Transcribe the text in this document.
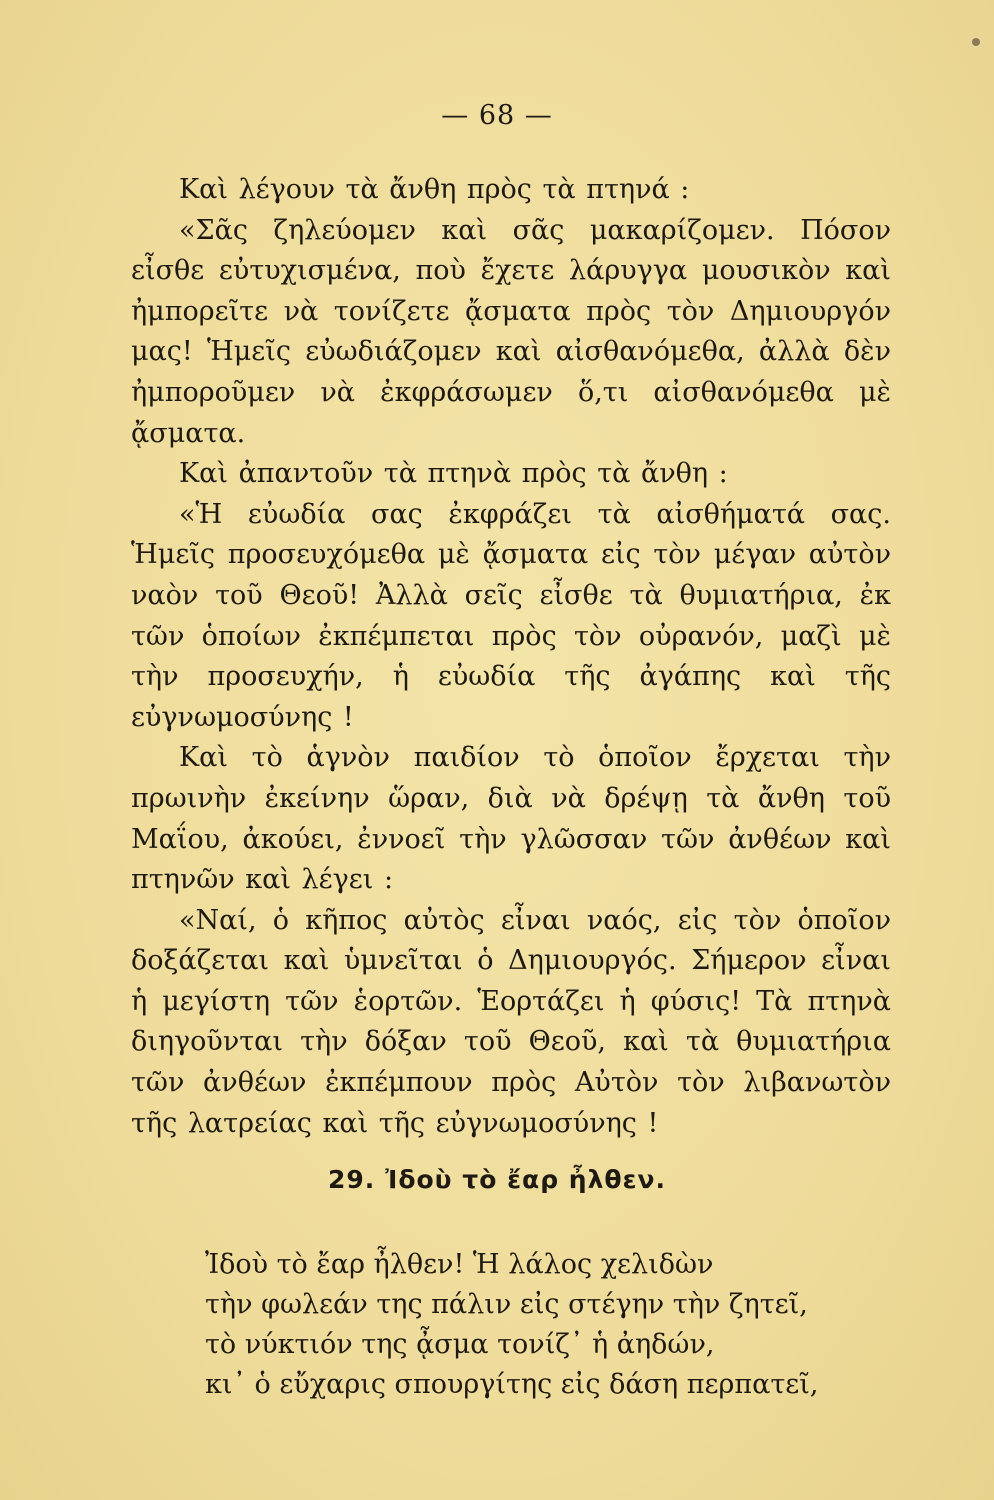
— 68 —

Καὶ λέγουν τὰ ἄνθη πρὸς τὰ πτηνά :

«Σᾶς ζηλεύομεν καὶ σᾶς μακαρίζομεν. Πόσον εἶσθε εὐτυχισμένα, ποὺ ἔχετε λάρυγγα μουσικὸν καὶ ἠμπορεῖτε νὰ τονίζετε ᾄσματα πρὸς τὸν Δημιουργόν μας! Ἡμεῖς εὐωδιάζομεν καὶ αἰσθανόμεθα, ἀλλὰ δὲν ἠμποροῦμεν νὰ ἐκφράσωμεν ὅ,τι αἰσθανόμεθα μὲ ᾄσματα.

Καὶ ἀπαντοῦν τὰ πτηνὰ πρὸς τὰ ἄνθη :

«Ἡ εὐωδία σας ἐκφράζει τὰ αἰσθήματά σας. Ἡμεῖς προσευχόμεθα μὲ ᾄσματα εἰς τὸν μέγαν αὐτὸν ναὸν τοῦ Θεοῦ! Ἀλλὰ σεῖς εἶσθε τὰ θυμιατήρια, ἐκ τῶν ὁποίων ἐκπέμπεται πρὸς τὸν οὐρανόν, μαζὶ μὲ τὴν προσευχήν, ἡ εὐωδία τῆς ἀγάπης καὶ τῆς εὐγνωμοσύνης !

Καὶ τὸ ἁγνὸν παιδίον τὸ ὁποῖον ἔρχεται τὴν πρωινὴν ἐκείνην ὥραν, διὰ νὰ δρέψῃ τὰ ἄνθη τοῦ Μαΐου, ἀκούει, ἐννοεῖ τὴν γλῶσσαν τῶν ἀνθέων καὶ πτηνῶν καὶ λέγει :

«Ναί, ὁ κῆπος αὐτὸς εἶναι ναός, εἰς τὸν ὁποῖον δοξάζεται καὶ ὑμνεῖται ὁ Δημιουργός. Σήμερον εἶναι ἡ μεγίστη τῶν ἑορτῶν. Ἑορτάζει ἡ φύσις! Τὰ πτηνὰ διηγοῦνται τὴν δόξαν τοῦ Θεοῦ, καὶ τὰ θυμιατήρια τῶν ἀνθέων ἐκπέμπουν πρὸς Αὐτὸν τὸν λιβανωτὸν τῆς λατρείας καὶ τῆς εὐγνωμοσύνης !

29. Ἰδοὺ τὸ ἔαρ ἦλθεν.
Ἰδοὺ τὸ ἔαρ ἦλθεν! Ἡ λάλος χελιδὼν
τὴν φωλεάν της πάλιν εἰς στέγην τὴν ζητεῖ,
τὸ νύκτιόν της ᾆσμα τονίζ᾽ ἡ ἀηδών,
κι᾽ ὁ εὔχαρις σπουργίτης εἰς δάση περπατεῖ,
